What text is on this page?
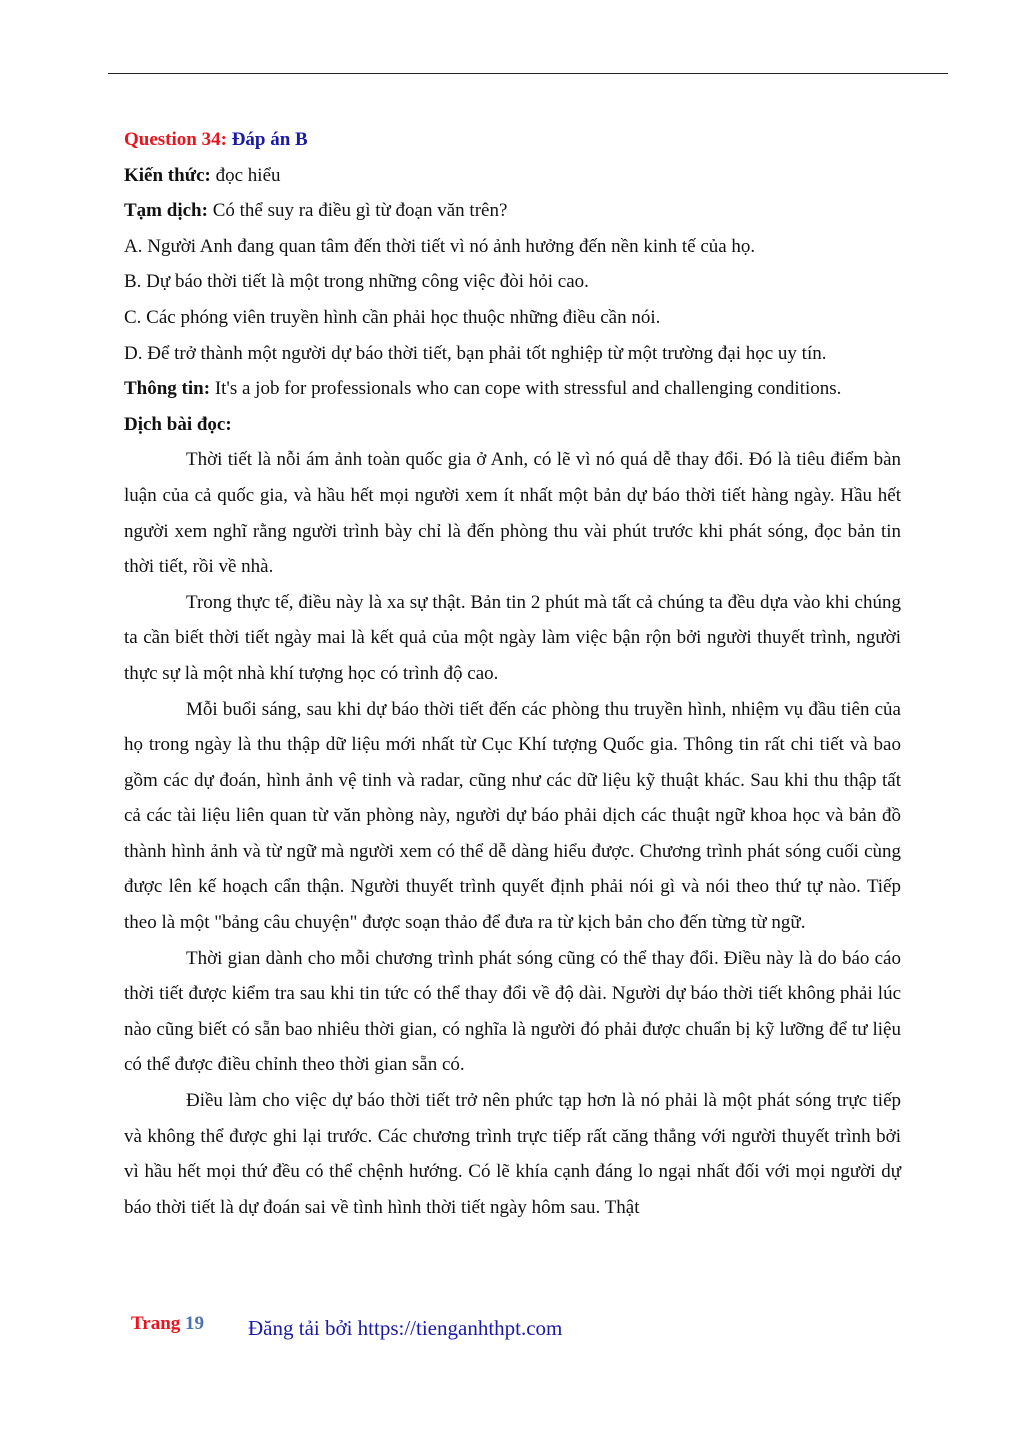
Question 34: Đáp án B

Kiến thức: đọc hiểu

Tạm dịch: Có thể suy ra điều gì từ đoạn văn trên?

A. Người Anh đang quan tâm đến thời tiết vì nó ảnh hưởng đến nền kinh tế của họ.

B. Dự báo thời tiết là một trong những công việc đòi hỏi cao.

C. Các phóng viên truyền hình cần phải học thuộc những điều cần nói.

D. Để trở thành một người dự báo thời tiết, bạn phải tốt nghiệp từ một trường đại học uy tín.

Thông tin: It's a job for professionals who can cope with stressful and challenging conditions.

Dịch bài đọc:

Thời tiết là nỗi ám ảnh toàn quốc gia ở Anh, có lẽ vì nó quá dễ thay đổi. Đó là tiêu điểm bàn luận của cả quốc gia, và hầu hết mọi người xem ít nhất một bản dự báo thời tiết hàng ngày. Hầu hết người xem nghĩ rằng người trình bày chỉ là đến phòng thu vài phút trước khi phát sóng, đọc bản tin thời tiết, rồi về nhà.

Trong thực tế, điều này là xa sự thật. Bản tin 2 phút mà tất cả chúng ta đều dựa vào khi chúng ta cần biết thời tiết ngày mai là kết quả của một ngày làm việc bận rộn bởi người thuyết trình, người thực sự là một nhà khí tượng học có trình độ cao.

Mỗi buổi sáng, sau khi dự báo thời tiết đến các phòng thu truyền hình, nhiệm vụ đầu tiên của họ trong ngày là thu thập dữ liệu mới nhất từ Cục Khí tượng Quốc gia. Thông tin rất chi tiết và bao gồm các dự đoán, hình ảnh vệ tinh và radar, cũng như các dữ liệu kỹ thuật khác. Sau khi thu thập tất cả các tài liệu liên quan từ văn phòng này, người dự báo phải dịch các thuật ngữ khoa học và bản đồ thành hình ảnh và từ ngữ mà người xem có thể dễ dàng hiểu được. Chương trình phát sóng cuối cùng được lên kế hoạch cẩn thận. Người thuyết trình quyết định phải nói gì và nói theo thứ tự nào. Tiếp theo là một "bảng câu chuyện" được soạn thảo để đưa ra từ kịch bản cho đến từng từ ngữ.

Thời gian dành cho mỗi chương trình phát sóng cũng có thể thay đổi. Điều này là do báo cáo thời tiết được kiểm tra sau khi tin tức có thể thay đổi về độ dài. Người dự báo thời tiết không phải lúc nào cũng biết có sẵn bao nhiêu thời gian, có nghĩa là người đó phải được chuẩn bị kỹ lưỡng để tư liệu có thể được điều chỉnh theo thời gian sẵn có.

Điều làm cho việc dự báo thời tiết trở nên phức tạp hơn là nó phải là một phát sóng trực tiếp và không thể được ghi lại trước. Các chương trình trực tiếp rất căng thẳng với người thuyết trình bởi vì hầu hết mọi thứ đều có thể chệnh hướng. Có lẽ khía cạnh đáng lo ngại nhất đối với mọi người dự báo thời tiết là dự đoán sai về tình hình thời tiết ngày hôm sau. Thật

Trang 19 Đăng tải bởi https://tienganhthpt.com
